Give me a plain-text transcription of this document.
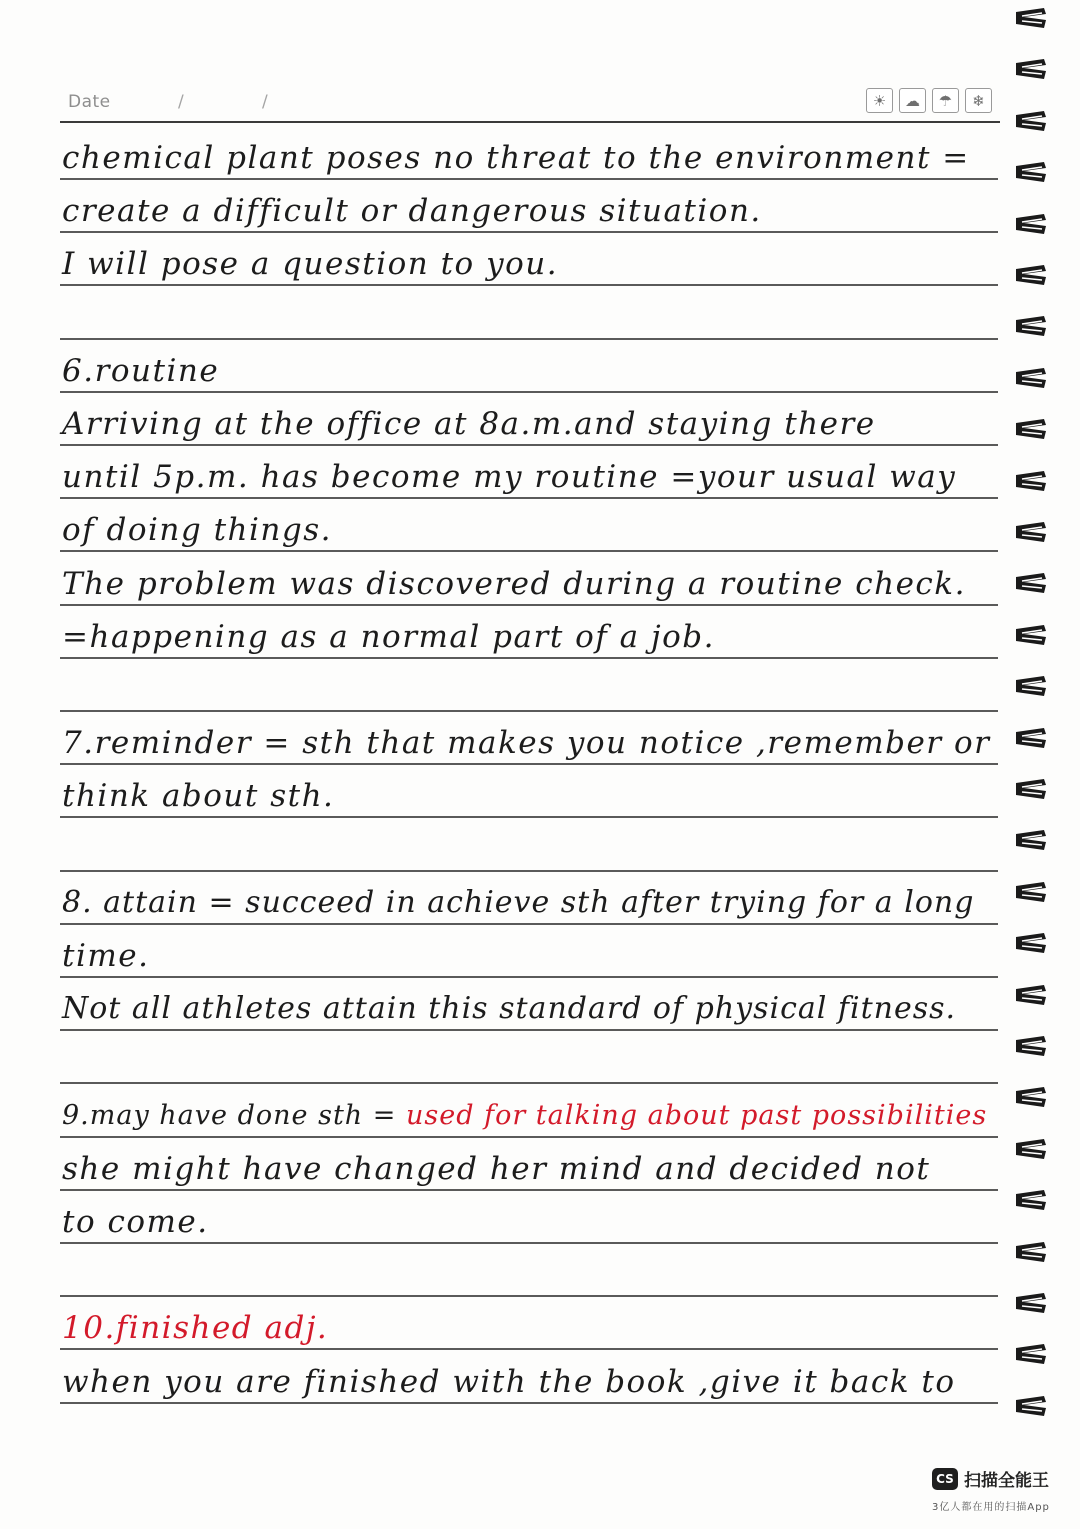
Date	/	/	☀	☁	☂	❄
chemical plant poses no threat to the environment =
create a difficult or dangerous situation.
I will pose a question to you.
6.routine
Arriving at the office at 8a.m.and staying there
until 5p.m. has become my routine =your usual way
of doing things.
The problem was discovered during a routine check.
=happening as a normal part of a job.
7.reminder = sth that makes you notice ,remember or
think about sth.
8. attain = succeed in achieve sth after trying for a long
time.
Not all athletes attain this standard of physical fitness.
9.may have done sth = used for talking about past possibilities
she might have changed her mind and decided not
to come.
10.finished adj.
when you are finished with the book ,give it back to
CS 扫描全能王
3亿人都在用的扫描App
